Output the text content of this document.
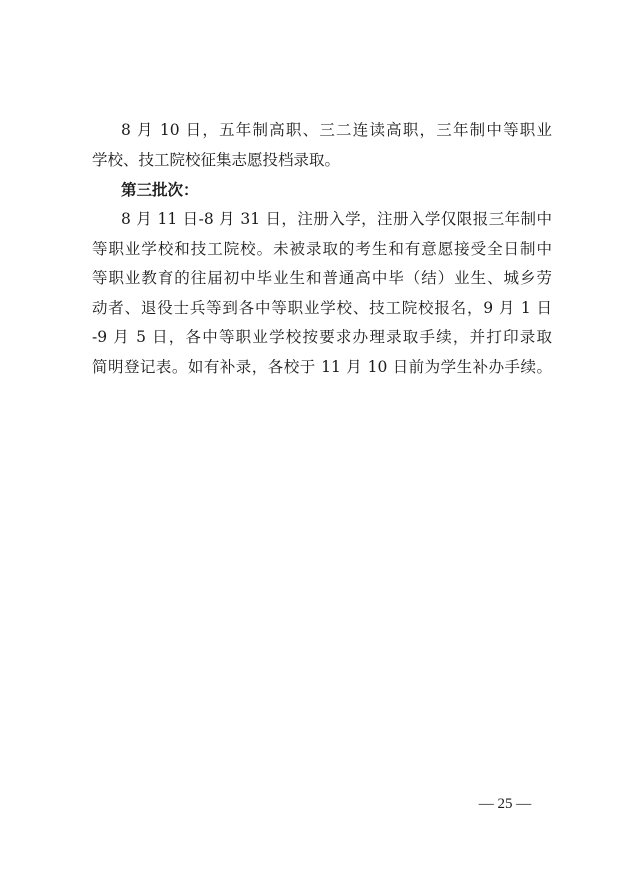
8 月 10 日，五年制高职、三二连读高职，三年制中等职业
学校、技工院校征集志愿投档录取。
第三批次：
8 月 11 日-8 月 31 日，注册入学，注册入学仅限报三年制中
等职业学校和技工院校。未被录取的考生和有意愿接受全日制中
等职业教育的往届初中毕业生和普通高中毕（结）业生、城乡劳
动者、退役士兵等到各中等职业学校、技工院校报名，9 月 1 日
-9 月 5 日，各中等职业学校按要求办理录取手续，并打印录取
简明登记表。如有补录，各校于 11 月 10 日前为学生补办手续。
— 25 —
